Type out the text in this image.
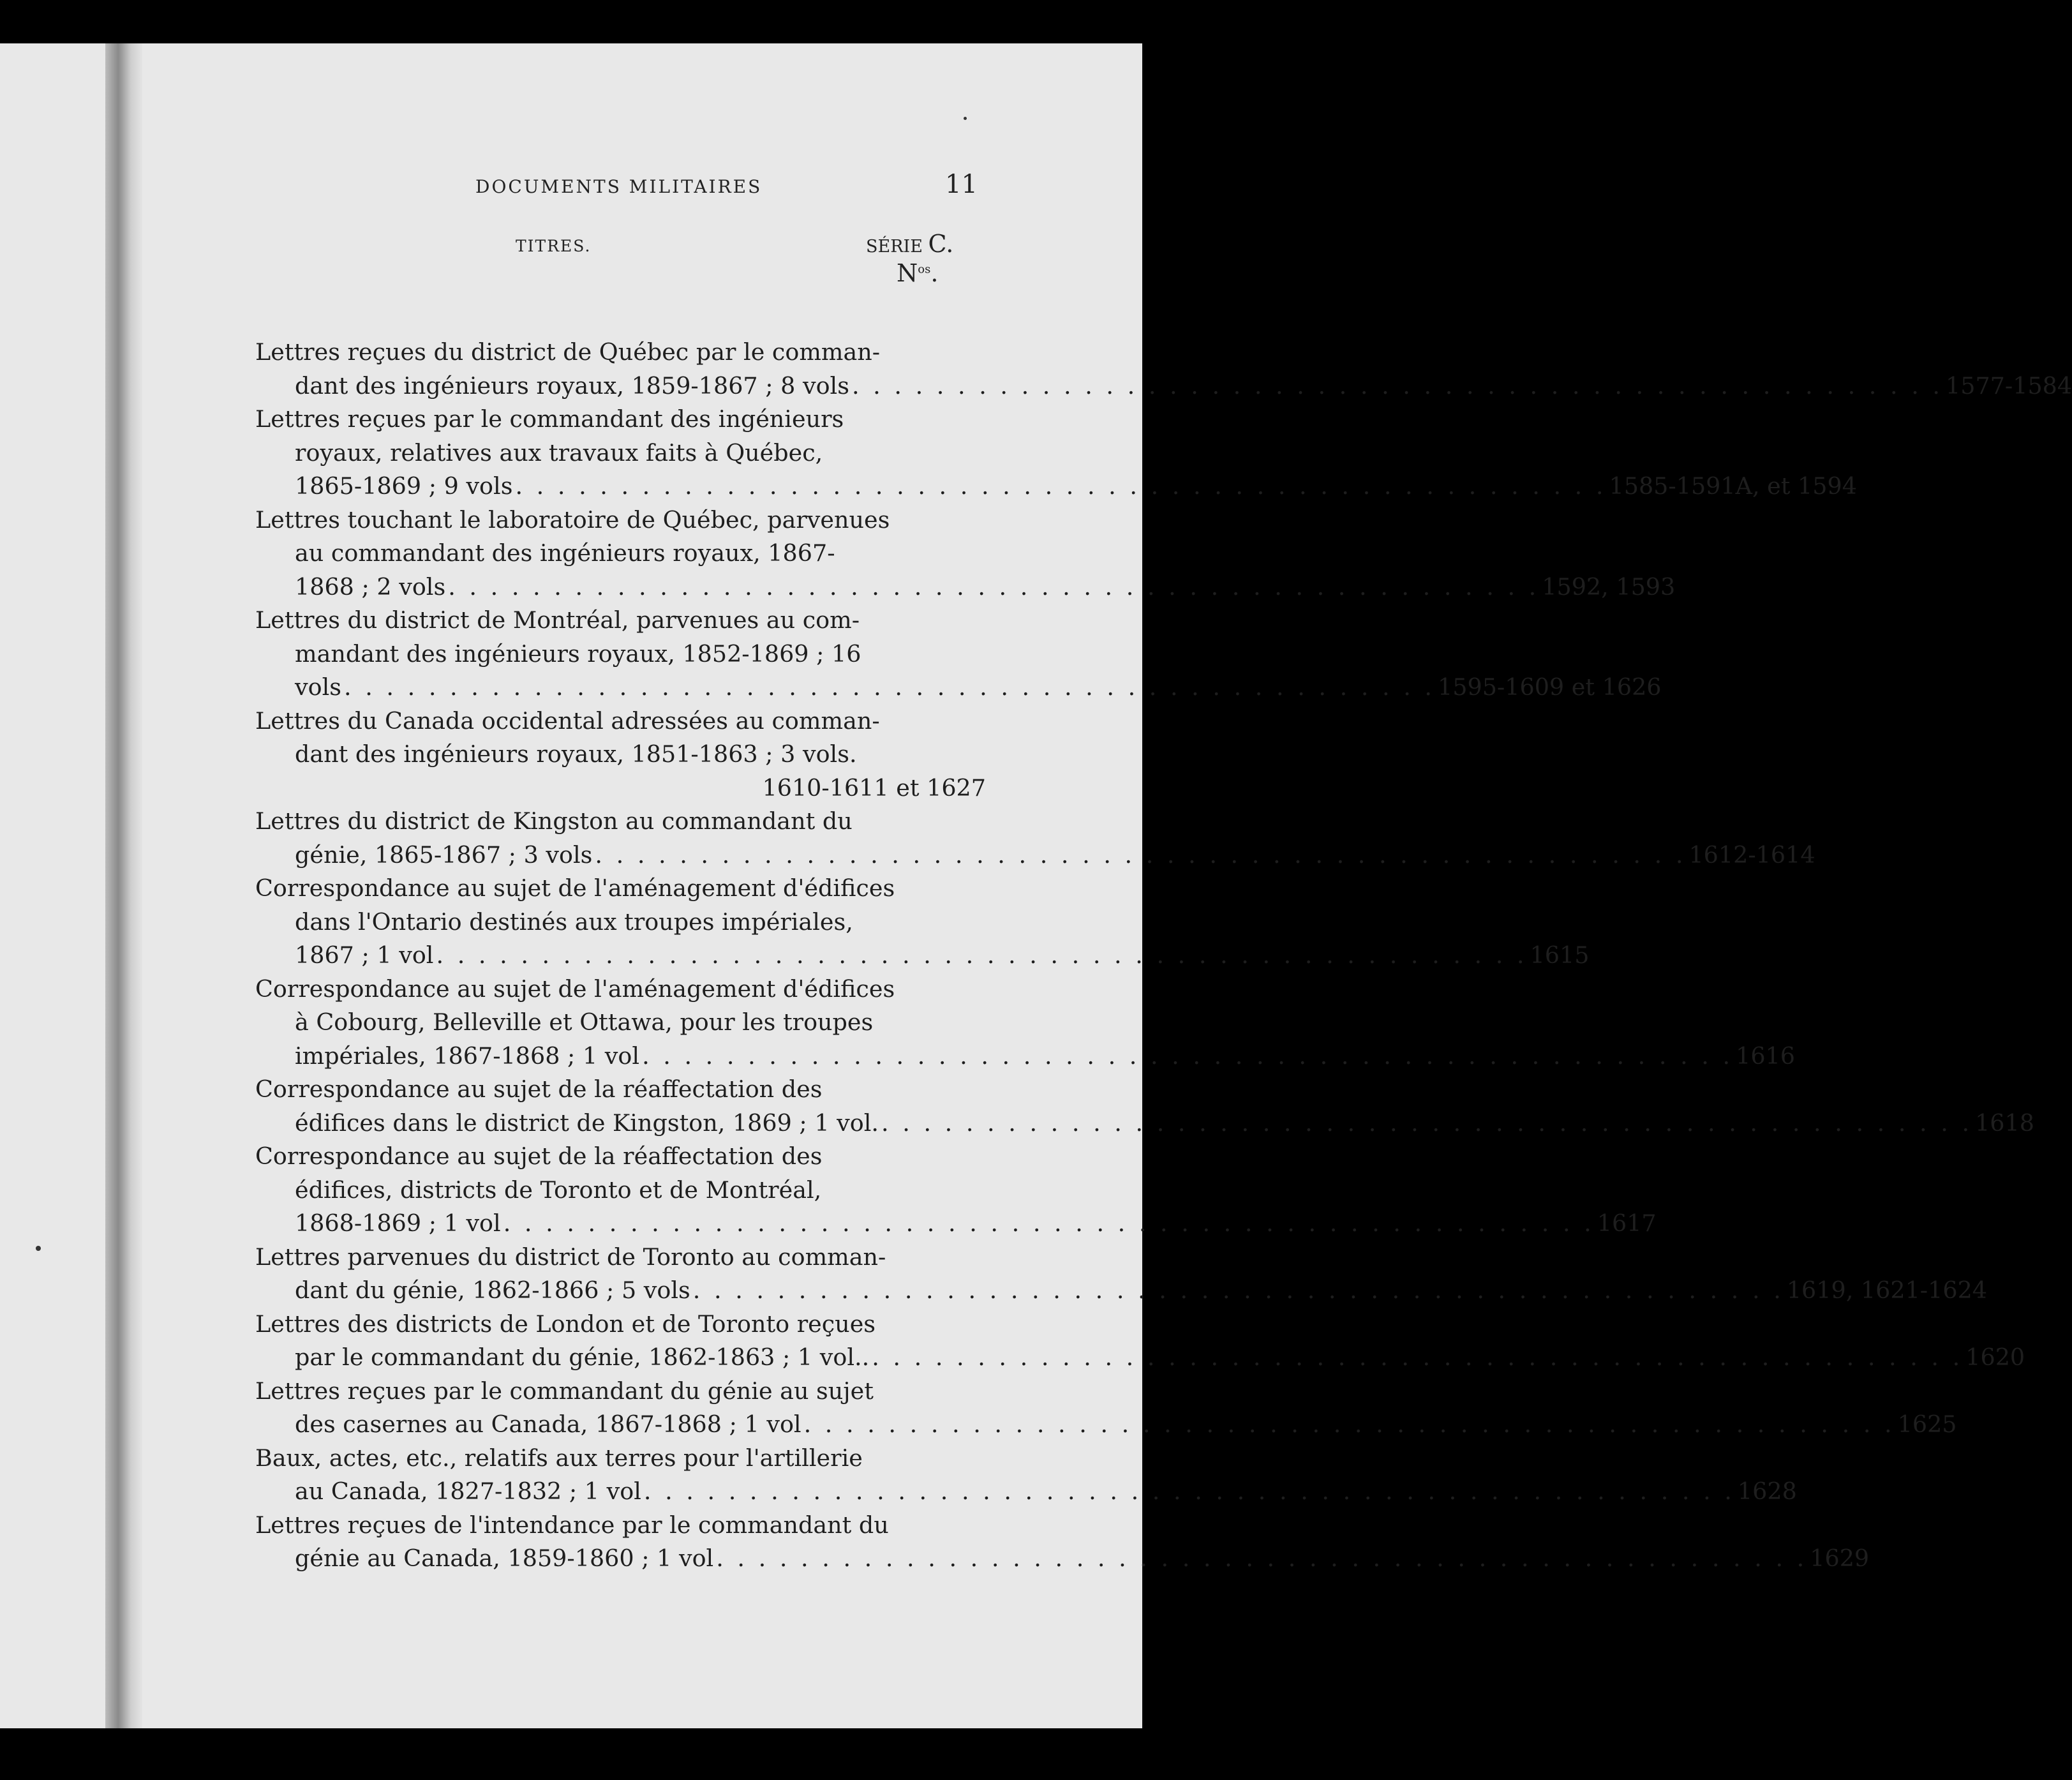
DOCUMENTS MILITAIRES	11
TITRES.	SÉRIE C.
$N^{os}$.
Lettres reçues du district de Québec par le comman-
dant des ingénieurs royaux, 1859-1867 ; 8 vols . . . . . . . . . . . . . . . . . . . . . . . . . . . . . . . . . . . . . . . . . . . . . . . . . . . . 1577-1584
Lettres reçues par le commandant des ingénieurs
royaux, relatives aux travaux faits à Québec,
1865-1869 ; 9 vols . . . . . . . . . . . . . . . . . . . . . . . . . . . . . . . . . . . . . . . . . . . . . . . . . . . . 1585-1591A, et 1594
Lettres touchant le laboratoire de Québec, parvenues
au commandant des ingénieurs royaux, 1867-
1868 ; 2 vols . . . . . . . . . . . . . . . . . . . . . . . . . . . . . . . . . . . . . . . . . . . . . . . . . . . . 1592, 1593
Lettres du district de Montréal, parvenues au com-
mandant des ingénieurs royaux, 1852-1869 ; 16
vols . . . . . . . . . . . . . . . . . . . . . . . . . . . . . . . . . . . . . . . . . . . . . . . . . . . . 1595-1609 et 1626
Lettres du Canada occidental adressées au comman-
dant des ingénieurs royaux, 1851-1863 ; 3 vols.
1610-1611 et 1627
Lettres du district de Kingston au commandant du
génie, 1865-1867 ; 3 vols . . . . . . . . . . . . . . . . . . . . . . . . . . . . . . . . . . . . . . . . . . . . . . . . . . . . 1612-1614
Correspondance au sujet de l'aménagement d'édifices
dans l'Ontario destinés aux troupes impériales,
1867 ; 1 vol . . . . . . . . . . . . . . . . . . . . . . . . . . . . . . . . . . . . . . . . . . . . . . . . . . . . 1615
Correspondance au sujet de l'aménagement d'édifices
à Cobourg, Belleville et Ottawa, pour les troupes
impériales, 1867-1868 ; 1 vol . . . . . . . . . . . . . . . . . . . . . . . . . . . . . . . . . . . . . . . . . . . . . . . . . . . . 1616
Correspondance au sujet de la réaffectation des
édifices dans le district de Kingston, 1869 ; 1 vol. . . . . . . . . . . . . . . . . . . . . . . . . . . . . . . . . . . . . . . . . . . . . . . . . . . . . 1618
Correspondance au sujet de la réaffectation des
édifices, districts de Toronto et de Montréal,
1868-1869 ; 1 vol . . . . . . . . . . . . . . . . . . . . . . . . . . . . . . . . . . . . . . . . . . . . . . . . . . . . 1617
Lettres parvenues du district de Toronto au comman-
dant du génie, 1862-1866 ; 5 vols . . . . . . . . . . . . . . . . . . . . . . . . . . . . . . . . . . . . . . . . . . . . . . . . . . . . 1619, 1621-1624
Lettres des districts de London et de Toronto reçues
par le commandant du génie, 1862-1863 ; 1 vol.. . . . . . . . . . . . . . . . . . . . . . . . . . . . . . . . . . . . . . . . . . . . . . . . . . . . . 1620
Lettres reçues par le commandant du génie au sujet
des casernes au Canada, 1867-1868 ; 1 vol . . . . . . . . . . . . . . . . . . . . . . . . . . . . . . . . . . . . . . . . . . . . . . . . . . . . 1625
Baux, actes, etc., relatifs aux terres pour l'artillerie
au Canada, 1827-1832 ; 1 vol . . . . . . . . . . . . . . . . . . . . . . . . . . . . . . . . . . . . . . . . . . . . . . . . . . . . 1628
Lettres reçues de l'intendance par le commandant du
génie au Canada, 1859-1860 ; 1 vol . . . . . . . . . . . . . . . . . . . . . . . . . . . . . . . . . . . . . . . . . . . . . . . . . . . . 1629
